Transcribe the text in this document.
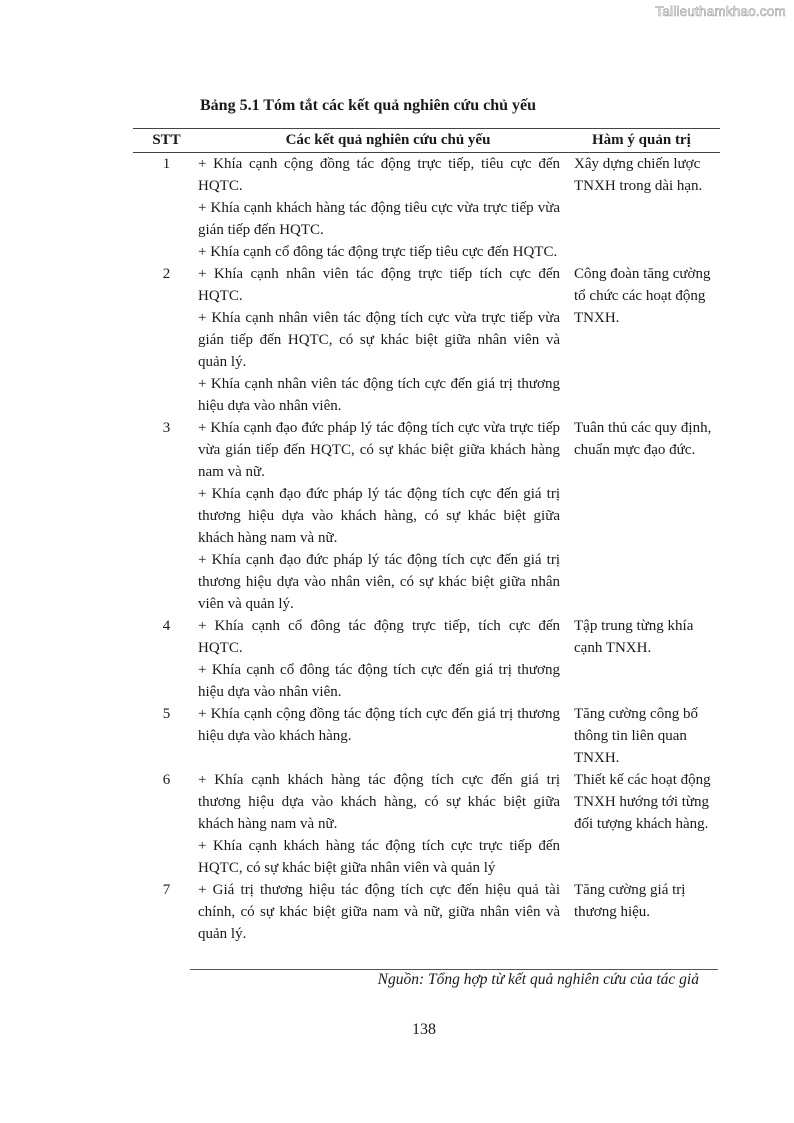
Tailieuthamkhao.com
Bảng 5.1 Tóm tắt các kết quả nghiên cứu chủ yếu
STT	Các kết quả nghiên cứu chủ yếu	Hàm ý quản trị
1	+ Khía cạnh cộng đồng tác động trực tiếp, tiêu cực đến HQTC.

+ Khía cạnh khách hàng tác động tiêu cực vừa trực tiếp vừa gián tiếp đến HQTC.

+ Khía cạnh cổ đông tác động trực tiếp tiêu cực đến HQTC.	Xây dựng chiến lược TNXH trong dài hạn.

2	+ Khía cạnh nhân viên tác động trực tiếp tích cực đến HQTC.

+ Khía cạnh nhân viên tác động tích cực vừa trực tiếp vừa gián tiếp đến HQTC, có sự khác biệt giữa nhân viên và quản lý.

+ Khía cạnh nhân viên tác động tích cực đến giá trị thương hiệu dựa vào nhân viên.	Công đoàn tăng cường tổ chức các hoạt động TNXH.

3	+ Khía cạnh đạo đức pháp lý tác động tích cực vừa trực tiếp vừa gián tiếp đến HQTC, có sự khác biệt giữa khách hàng nam và nữ.

+ Khía cạnh đạo đức pháp lý tác động tích cực đến giá trị thương hiệu dựa vào khách hàng, có sự khác biệt giữa khách hàng nam và nữ.

+ Khía cạnh đạo đức pháp lý tác động tích cực đến giá trị thương hiệu dựa vào nhân viên, có sự khác biệt giữa nhân viên và quản lý.	Tuân thủ các quy định, chuẩn mực đạo đức.

4	+ Khía cạnh cổ đông tác động trực tiếp, tích cực đến HQTC.

+ Khía cạnh cổ đông tác động tích cực đến giá trị thương hiệu dựa vào nhân viên.	Tập trung từng khía cạnh TNXH.

5	+ Khía cạnh cộng đồng tác động tích cực đến giá trị thương hiệu dựa vào khách hàng.	Tăng cường công bố thông tin liên quan TNXH.

6	+ Khía cạnh khách hàng tác động tích cực đến giá trị thương hiệu dựa vào khách hàng, có sự khác biệt giữa khách hàng nam và nữ.

+ Khía cạnh khách hàng tác động tích cực trực tiếp đến HQTC, có sự khác biệt giữa nhân viên và quản lý	Thiết kế các hoạt động TNXH hướng tới từng đối tượng khách hàng.

7	+ Giá trị thương hiệu tác động tích cực đến hiệu quả tài chính, có sự khác biệt giữa nam và nữ, giữa nhân viên và quản lý.	Tăng cường giá trị thương hiệu.

Nguồn: Tổng hợp từ kết quả nghiên cứu của tác giả
138
